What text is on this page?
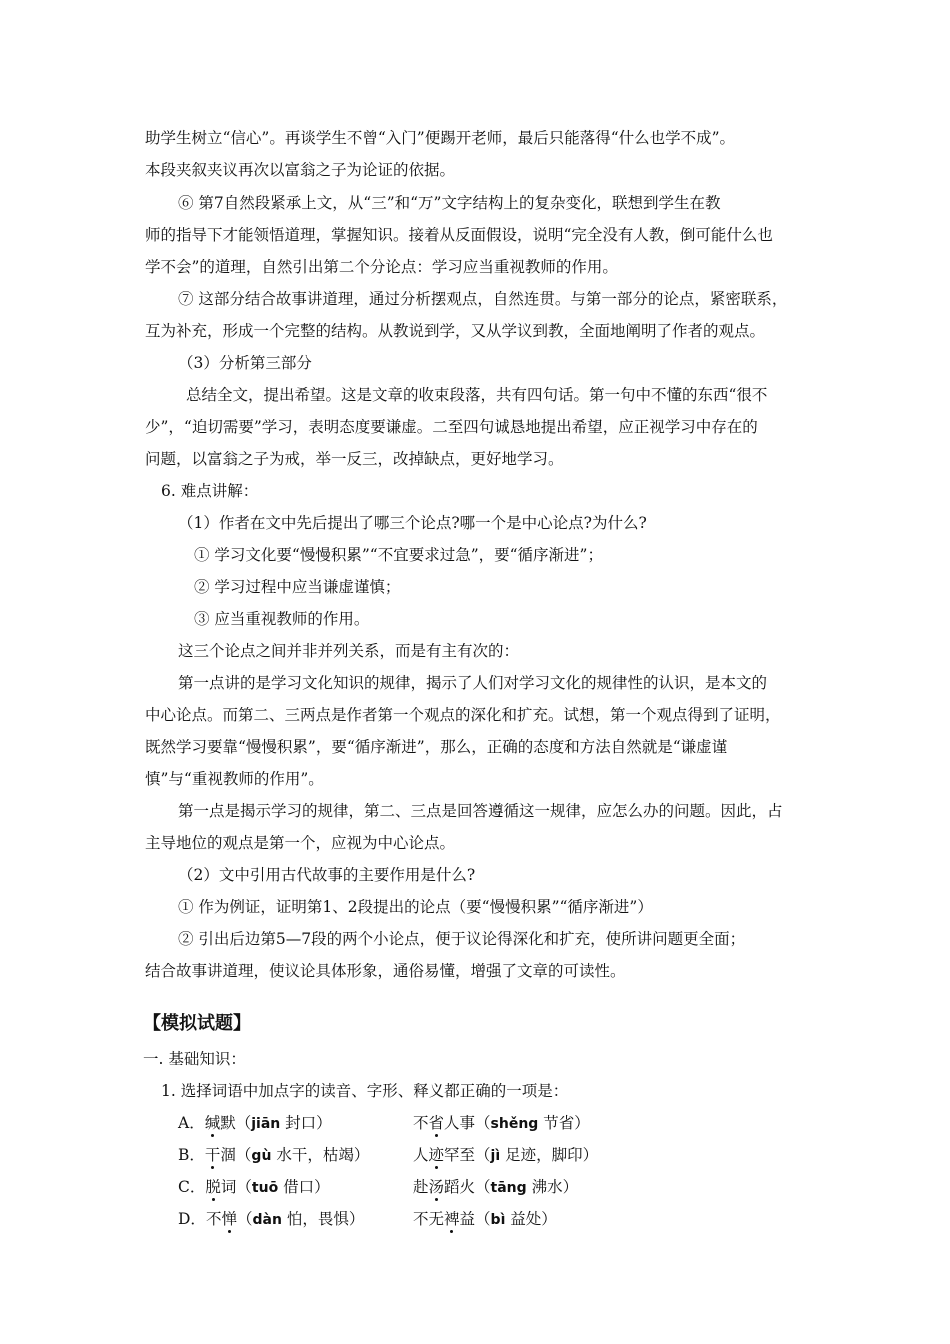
助学生树立“信心”。再谈学生不曾“入门”便踢开老师，最后只能落得“什么也学不成”。
本段夹叙夹议再次以富翁之子为论证的依据。
⑥ 第7自然段紧承上文，从“三”和“万”文字结构上的复杂变化，联想到学生在教
师的指导下才能领悟道理，掌握知识。接着从反面假设，说明“完全没有人教，倒可能什么也
学不会”的道理，自然引出第二个分论点：学习应当重视教师的作用。
⑦ 这部分结合故事讲道理，通过分析摆观点，自然连贯。与第一部分的论点，紧密联系，
互为补充，形成一个完整的结构。从教说到学，又从学议到教，全面地阐明了作者的观点。
（3）分析第三部分
总结全文，提出希望。这是文章的收束段落，共有四句话。第一句中不懂的东西“很不
少”，“迫切需要”学习，表明态度要谦虚。二至四句诚恳地提出希望，应正视学习中存在的
问题，以富翁之子为戒，举一反三，改掉缺点，更好地学习。
6. 难点讲解：
（1）作者在文中先后提出了哪三个论点?哪一个是中心论点?为什么?
① 学习文化要“慢慢积累”“不宜要求过急”，要“循序渐进”；
② 学习过程中应当谦虚谨慎；
③ 应当重视教师的作用。
这三个论点之间并非并列关系，而是有主有次的：
第一点讲的是学习文化知识的规律，揭示了人们对学习文化的规律性的认识，是本文的
中心论点。而第二、三两点是作者第一个观点的深化和扩充。试想，第一个观点得到了证明，
既然学习要靠“慢慢积累”，要“循序渐进”，那么，正确的态度和方法自然就是“谦虚谨
慎”与“重视教师的作用”。
第一点是揭示学习的规律，第二、三点是回答遵循这一规律，应怎么办的问题。因此，占
主导地位的观点是第一个，应视为中心论点。
（2）文中引用古代故事的主要作用是什么?
① 作为例证，证明第1、2段提出的论点（要“慢慢积累”“循序渐进”）
② 引出后边第5—7段的两个小论点，便于议论得深化和扩充，使所讲问题更全面；
结合故事讲道理，使议论具体形象，通俗易懂，增强了文章的可读性。
【模拟试题】
一. 基础知识：
1. 选择词语中加点字的读音、字形、释义都正确的一项是：
A．缄默（jiān 封口）	不省人事（shěng 节省）
B．干涸（gù 水干，枯竭）	人迹罕至（jì 足迹，脚印）
C．脱词（tuō 借口）	赴汤蹈火（tāng 沸水）
D．不惮（dàn 怕，畏惧）	不无裨益（bì 益处）
